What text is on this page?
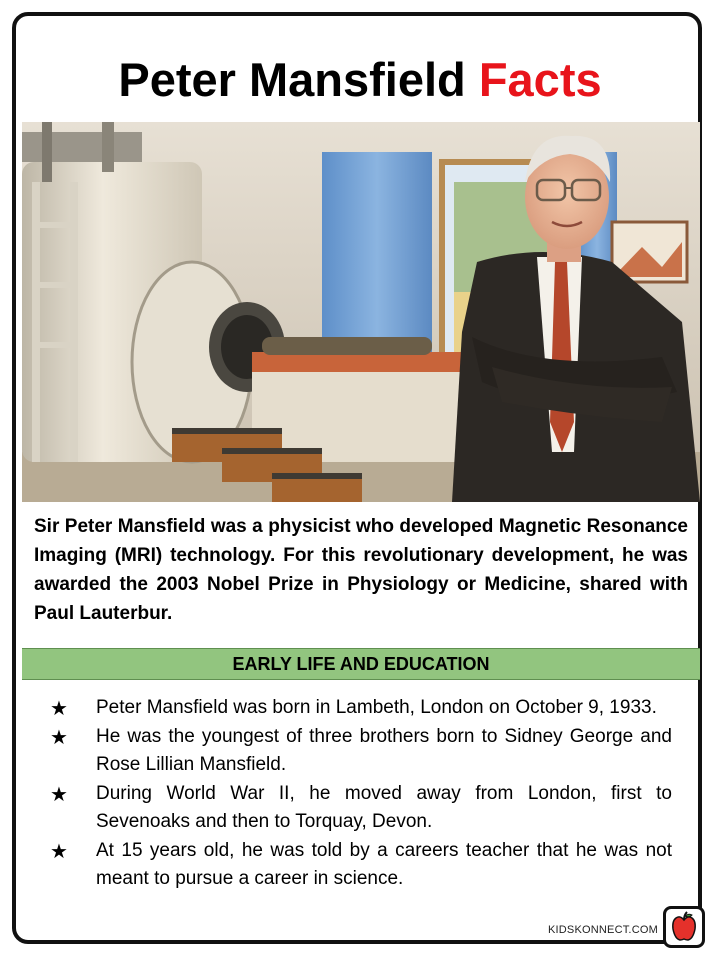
Peter Mansfield Facts
Sir Peter Mansfield was a physicist who developed Magnetic Resonance Imaging (MRI) technology. For this revolutionary development, he was awarded the 2003 Nobel Prize in Physiology or Medicine, shared with Paul Lauterbur.
EARLY LIFE AND EDUCATION
★ Peter Mansfield was born in Lambeth, London on October 9, 1933.
★ He was the youngest of three brothers born to Sidney George and Rose Lillian Mansfield.
★ During World War II, he moved away from London, first to Sevenoaks and then to Torquay, Devon.
★ At 15 years old, he was told by a careers teacher that he was not meant to pursue a career in science.
KIDSKONNECT.COM
